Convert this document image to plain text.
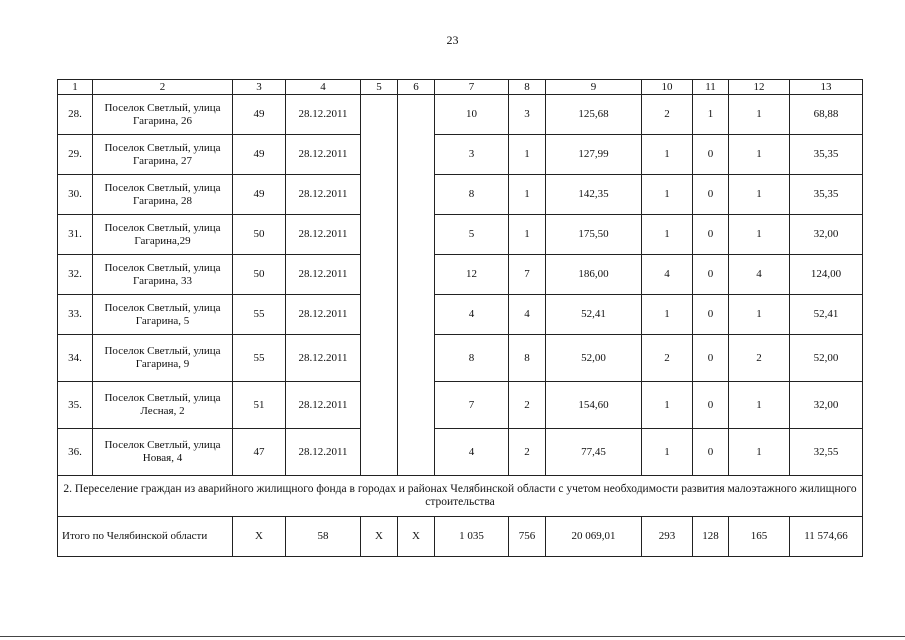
23
1	2	3	4	5	6	7	8	9	10	11	12	13
28.	Поселок Светлый, улица Гагарина, 26	49	28.12.2011			10	3	125,68	2	1	1	68,88
29.	Поселок Светлый, улица Гагарина, 27	49	28.12.2011			3	1	127,99	1	0	1	35,35
30.	Поселок Светлый, улица Гагарина, 28	49	28.12.2011			8	1	142,35	1	0	1	35,35
31.	Поселок Светлый, улица Гагарина,29	50	28.12.2011			5	1	175,50	1	0	1	32,00
32.	Поселок Светлый, улица Гагарина, 33	50	28.12.2011			12	7	186,00	4	0	4	124,00
33.	Поселок Светлый, улица Гагарина, 5	55	28.12.2011			4	4	52,41	1	0	1	52,41
34.	Поселок Светлый, улица Гагарина, 9	55	28.12.2011			8	8	52,00	2	0	2	52,00
35.	Поселок Светлый, улица Лесная, 2	51	28.12.2011			7	2	154,60	1	0	1	32,00
36.	Поселок Светлый, улица Новая, 4	47	28.12.2011			4	2	77,45	1	0	1	32,55
2. Переселение граждан из аварийного жилищного фонда в городах и районах Челябинской области с учетом необходимости развития малоэтажного жилищного строительства												
Итого по Челябинской области		X	58	X	X	1 035	756	20 069,01	293	128	165	11 574,66
